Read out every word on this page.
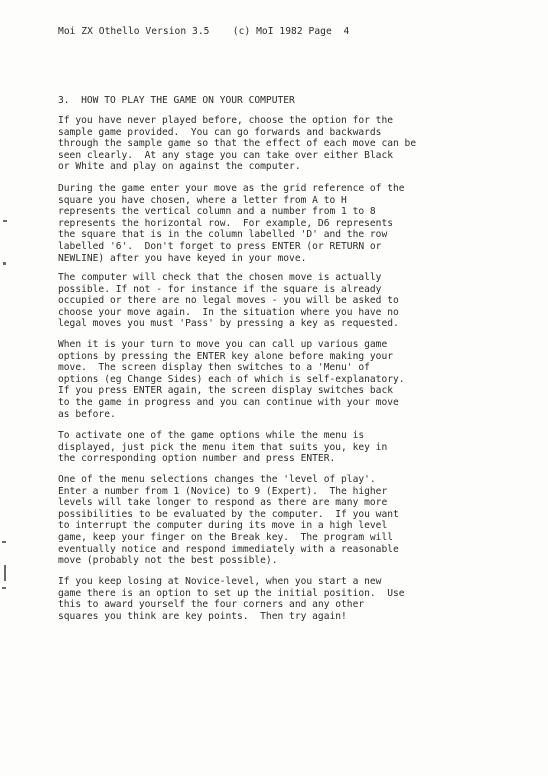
Moi ZX Othello Version 3.5 (c) MoI 1982 Page  4
3.  HOW TO PLAY THE GAME ON YOUR COMPUTER
If you have never played before, choose the option for the
sample game provided.  You can go forwards and backwards
through the sample game so that the effect of each move can be
seen clearly.  At any stage you can take over either Black
or White and play on against the computer.
During the game enter your move as the grid reference of the
square you have chosen, where a letter from A to H
represents the vertical column and a number from 1 to 8
represents the horizontal row.  For example, D6 represents
the square that is in the column labelled 'D' and the row
labelled '6'.  Don't forget to press ENTER (or RETURN or
NEWLINE) after you have keyed in your move.
The computer will check that the chosen move is actually
possible. If not - for instance if the square is already
occupied or there are no legal moves - you will be asked to
choose your move again.  In the situation where you have no
legal moves you must 'Pass' by pressing a key as requested.
When it is your turn to move you can call up various game
options by pressing the ENTER key alone before making your
move.  The screen display then switches to a 'Menu' of
options (eg Change Sides) each of which is self-explanatory.
If you press ENTER again, the screen display switches back
to the game in progress and you can continue with your move
as before.
To activate one of the game options while the menu is
displayed, just pick the menu item that suits you, key in
the corresponding option number and press ENTER.
One of the menu selections changes the 'level of play'.
Enter a number from 1 (Novice) to 9 (Expert).  The higher
levels will take longer to respond as there are many more
possibilities to be evaluated by the computer.  If you want
to interrupt the computer during its move in a high level
game, keep your finger on the Break key.  The program will
eventually notice and respond immediately with a reasonable
move (probably not the best possible).
If you keep losing at Novice-level, when you start a new
game there is an option to set up the initial position.  Use
this to award yourself the four corners and any other
squares you think are key points.  Then try again!
